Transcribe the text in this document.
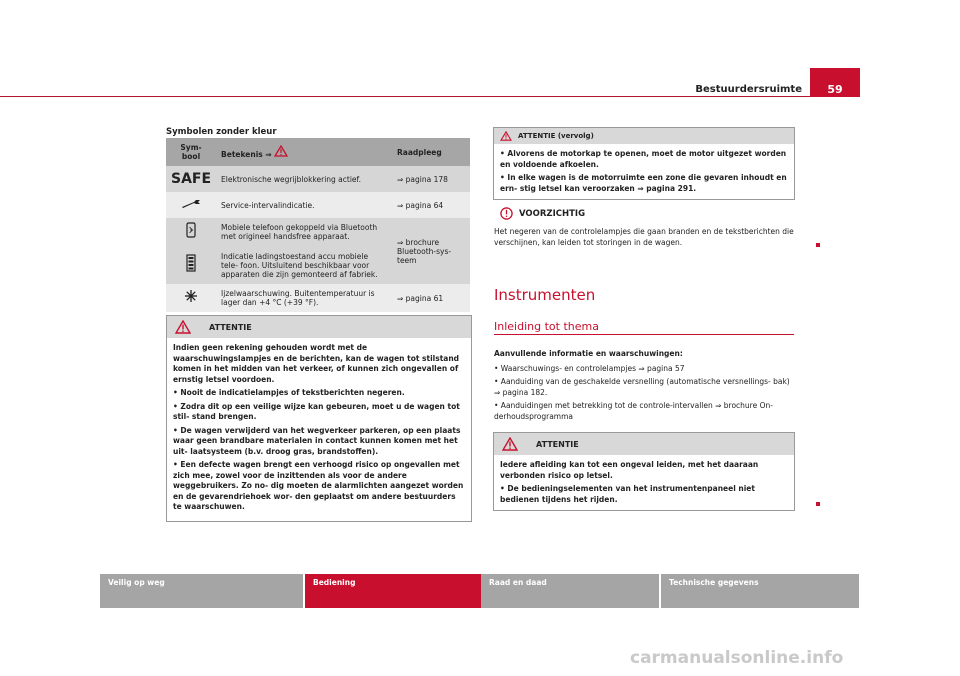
Bestuurdersruimte	59
Symbolen zonder kleur
Sym-
bool	Betekenis ⇒	Raadpleeg
SAFE	Elektronische wegrijblokkering actief.	⇒ pagina 178
	Service-intervalindicatie.	⇒ pagina 64
	Mobiele telefoon gekoppeld via Bluetooth met origineel handsfree apparaat.	⇒ brochure Bluetooth-sys- teem
	Indicatie ladingstoestand accu mobiele tele- foon. Uitsluitend beschikbaar voor apparaten die zijn gemonteerd af fabriek.	
	Ijzelwaarschuwing. Buitentemperatuur is lager dan +4 °C (+39 °F).	⇒ pagina 61
ATTENTIE

Indien geen rekening gehouden wordt met de waarschuwingslampjes en de berichten, kan de wagen tot stilstand komen in het midden van het verkeer, of kunnen zich ongevallen of ernstig letsel voordoen.

• Nooit de indicatielampjes of tekstberichten negeren.

• Zodra dit op een veilige wijze kan gebeuren, moet u de wagen tot stil- stand brengen.

• De wagen verwijderd van het wegverkeer parkeren, op een plaats waar geen brandbare materialen in contact kunnen komen met het uit- laatsysteem (b.v. droog gras, brandstoffen).

• Een defecte wagen brengt een verhoogd risico op ongevallen met zich mee, zowel voor de inzittenden als voor de andere weggebruikers. Zo no- dig moeten de alarmlichten aangezet worden en de gevarendriehoek wor- den geplaatst om andere bestuurders te waarschuwen.

ATTENTIE (vervolg)

• Alvorens de motorkap te openen, moet de motor uitgezet worden en voldoende afkoelen.

• In elke wagen is de motorruimte een zone die gevaren inhoudt en ern- stig letsel kan veroorzaken ⇒ pagina 291.

VOORZICHTIG
Het negeren van de controlelampjes die gaan branden en de tekstberichten die verschijnen, kan leiden tot storingen in de wagen.
Instrumenten
Inleiding tot thema

Aanvullende informatie en waarschuwingen:

• Waarschuwings- en controlelampjes ⇒ pagina 57

• Aanduiding van de geschakelde versnelling (automatische versnellings- bak) ⇒ pagina 182.

• Aanduidingen met betrekking tot de controle-intervallen ⇒ brochure On- derhoudsprogramma

ATTENTIE

Iedere afleiding kan tot een ongeval leiden, met het daaraan verbonden risico op letsel.

• De bedieningselementen van het instrumentenpaneel niet bedienen tijdens het rijden.

Veilig op weg	Bediening	Raad en daad	Technische gegevens
carmanualsonline.info
